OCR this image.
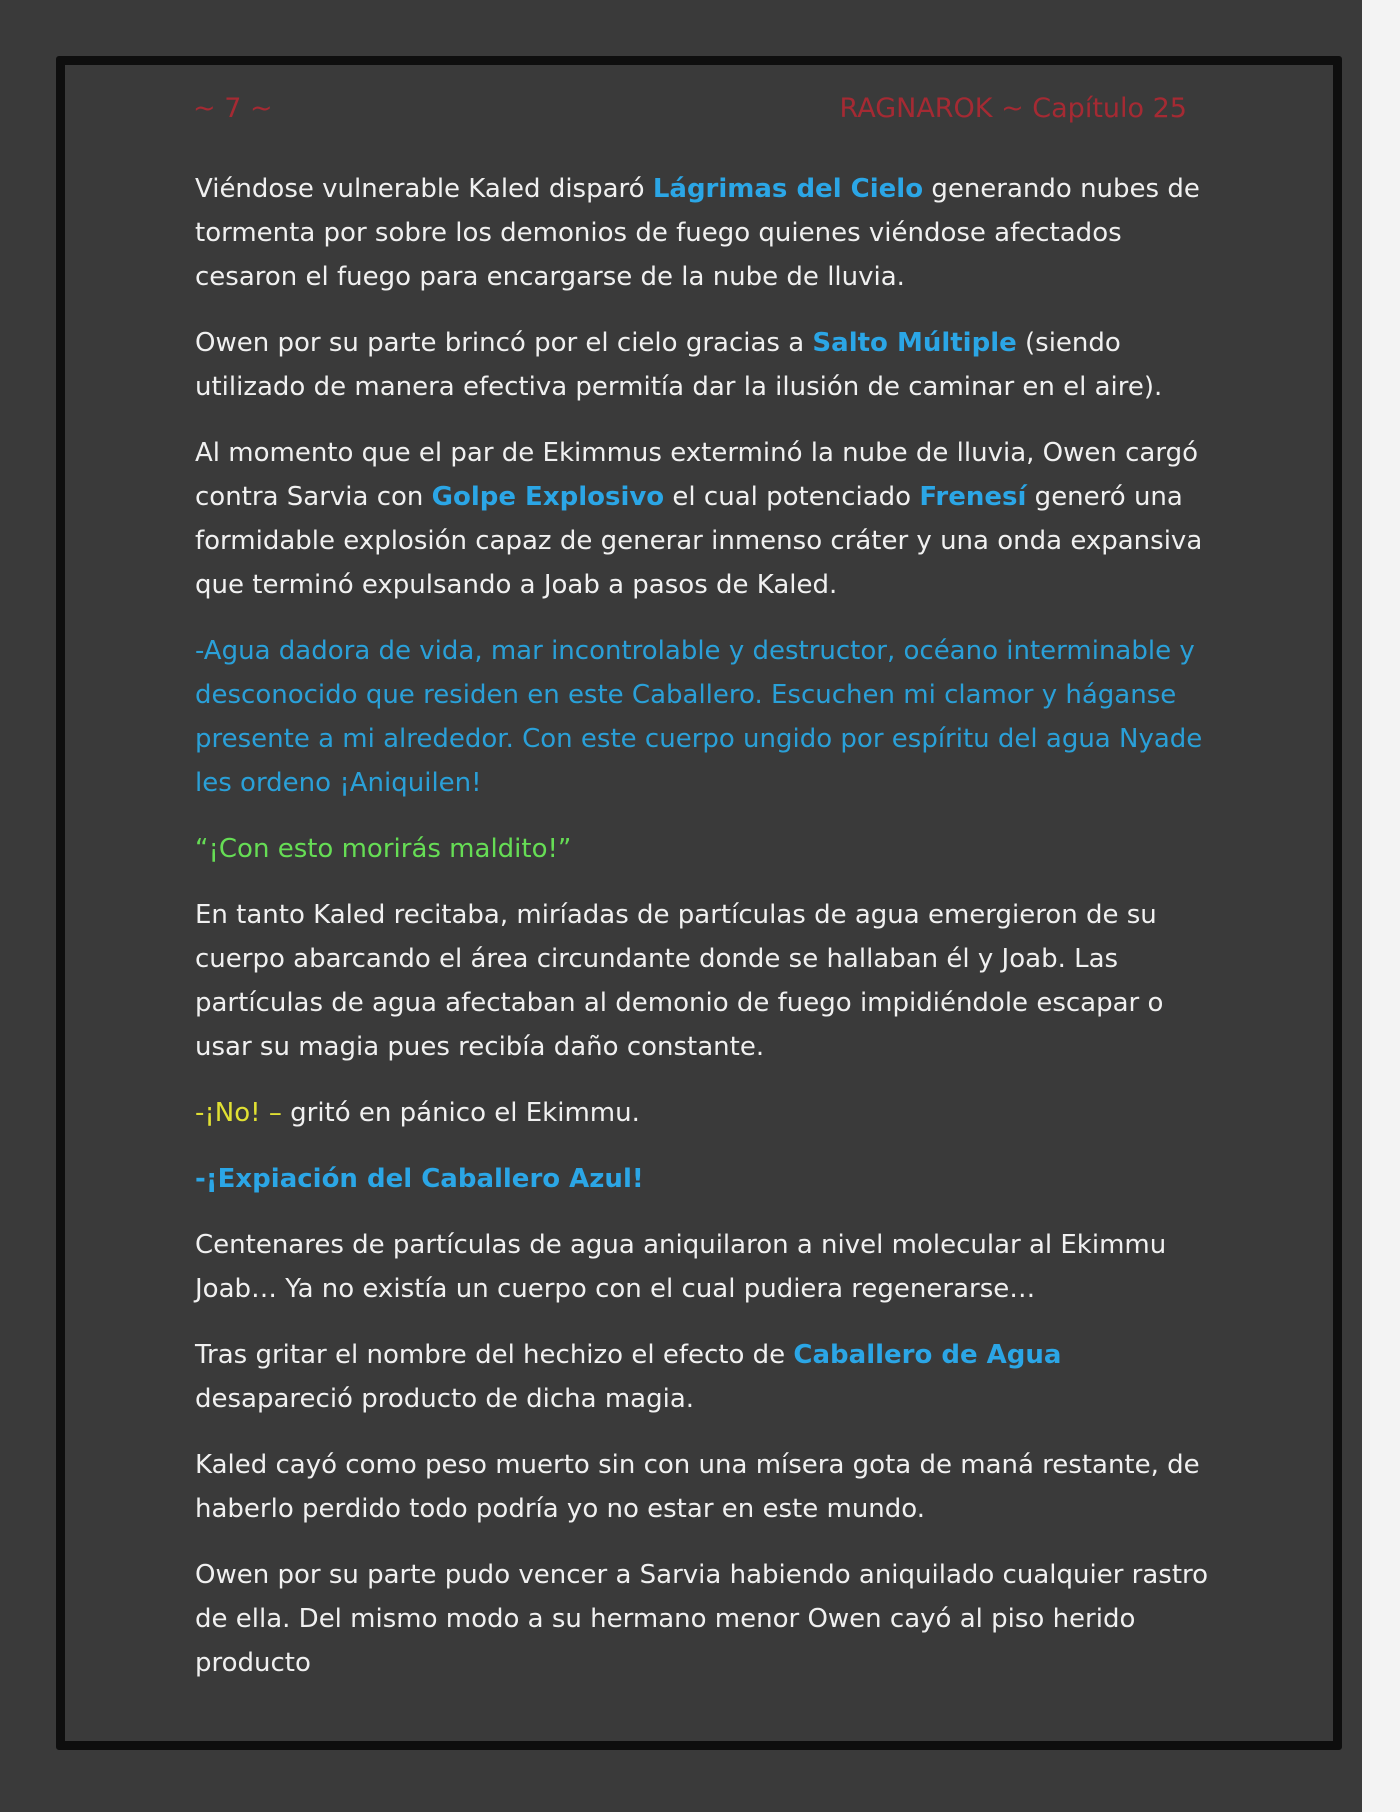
~ 7 ~	RAGNAROK ~ Capítulo 25

Viéndose vulnerable Kaled disparó Lágrimas del Cielo generando nubes de tormenta por sobre los demonios de fuego quienes viéndose afectados cesaron el fuego para encargarse de la nube de lluvia.

Owen por su parte brincó por el cielo gracias a Salto Múltiple (siendo utilizado de manera efectiva permitía dar la ilusión de caminar en el aire).

Al momento que el par de Ekimmus exterminó la nube de lluvia, Owen cargó contra Sarvia con Golpe Explosivo el cual potenciado Frenesí generó una formidable explosión capaz de generar inmenso cráter y una onda expansiva que terminó expulsando a Joab a pasos de Kaled.

-Agua dadora de vida, mar incontrolable y destructor, océano interminable y desconocido que residen en este Caballero. Escuchen mi clamor y háganse presente a mi alrededor. Con este cuerpo ungido por espíritu del agua Nyade les ordeno ¡Aniquilen!

“¡Con esto morirás maldito!”

En tanto Kaled recitaba, miríadas de partículas de agua emergieron de su cuerpo abarcando el área circundante donde se hallaban él y Joab. Las partículas de agua afectaban al demonio de fuego impidiéndole escapar o usar su magia pues recibía daño constante.

-¡No! – gritó en pánico el Ekimmu.

-¡Expiación del Caballero Azul!

Centenares de partículas de agua aniquilaron a nivel molecular al Ekimmu Joab… Ya no existía un cuerpo con el cual pudiera regenerarse…

Tras gritar el nombre del hechizo el efecto de Caballero de Agua desapareció producto de dicha magia.

Kaled cayó como peso muerto sin con una mísera gota de maná restante, de haberlo perdido todo podría yo no estar en este mundo.

Owen por su parte pudo vencer a Sarvia habiendo aniquilado cualquier rastro de ella. Del mismo modo a su hermano menor Owen cayó al piso herido producto
